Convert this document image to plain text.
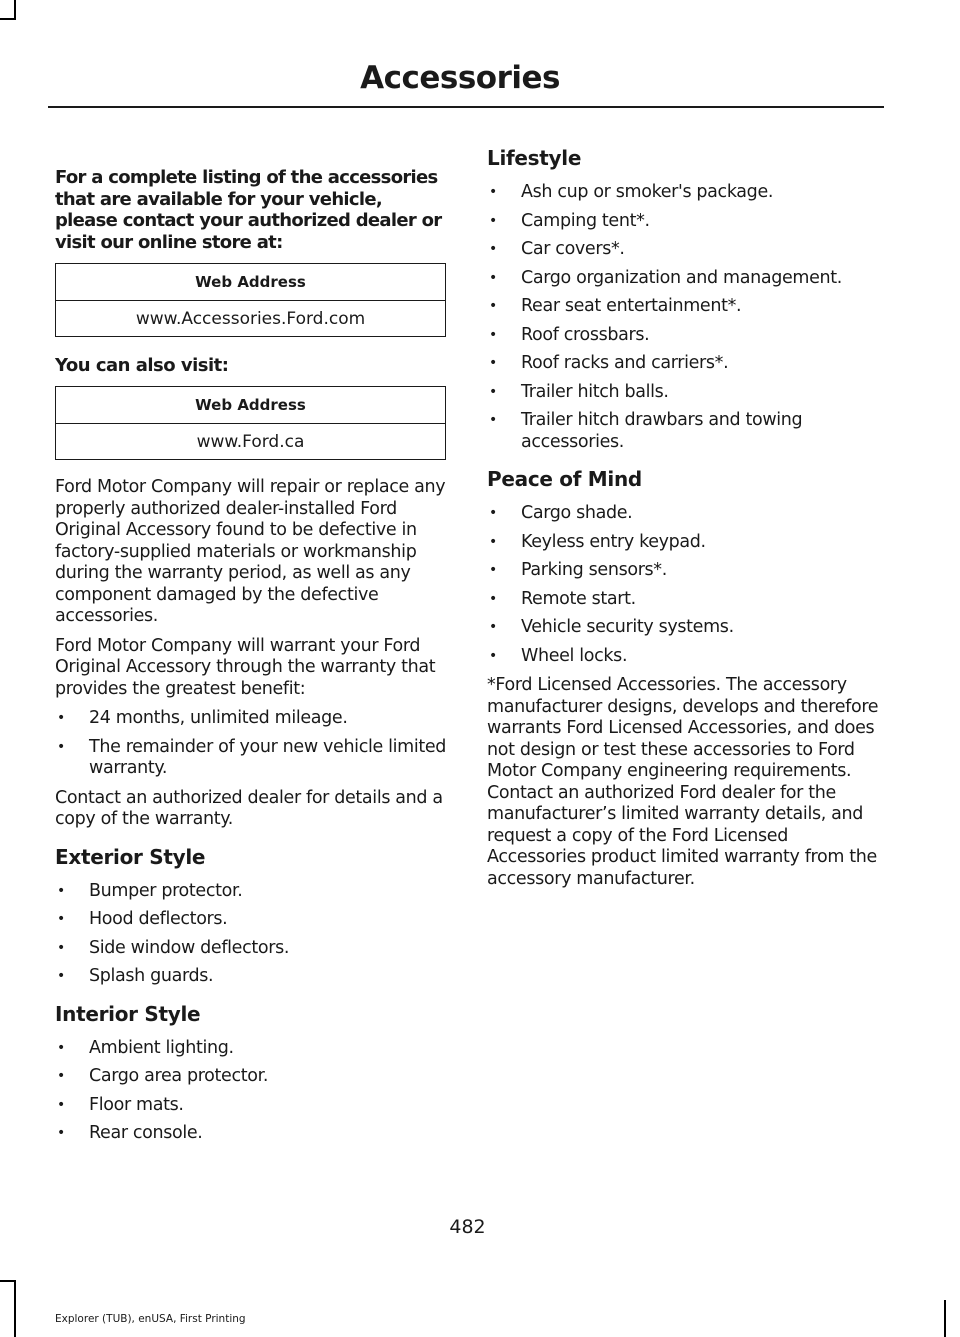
Accessories
For a complete listing of the accessories that are available for your vehicle, please contact your authorized dealer or visit our online store at:
Web Address
www.Accessories.Ford.com
You can also visit:
Web Address
www.Ford.ca

Ford Motor Company will repair or replace any properly authorized dealer-installed Ford Original Accessory found to be defective in factory-supplied materials or workmanship during the warranty period, as well as any component damaged by the defective accessories.

Ford Motor Company will warrant your Ford Original Accessory through the warranty that provides the greatest benefit:

• 24 months, unlimited mileage.
• The remainder of your new vehicle limited warranty.

Contact an authorized dealer for details and a copy of the warranty.

Exterior Style
• Bumper protector.
• Hood deflectors.
• Side window deflectors.
• Splash guards.
Interior Style
• Ambient lighting.
• Cargo area protector.
• Floor mats.
• Rear console.
Lifestyle
• Ash cup or smoker's package.
• Camping tent*.
• Car covers*.
• Cargo organization and management.
• Rear seat entertainment*.
• Roof crossbars.
• Roof racks and carriers*.
• Trailer hitch balls.
• Trailer hitch drawbars and towing accessories.
Peace of Mind
• Cargo shade.
• Keyless entry keypad.
• Parking sensors*.
• Remote start.
• Vehicle security systems.
• Wheel locks.

*Ford Licensed Accessories. The accessory manufacturer designs, develops and therefore warrants Ford Licensed Accessories, and does not design or test these accessories to Ford Motor Company engineering requirements. Contact an authorized Ford dealer for the manufacturer’s limited warranty details, and request a copy of the Ford Licensed Accessories product limited warranty from the accessory manufacturer.

482
Explorer (TUB), enUSA, First Printing
